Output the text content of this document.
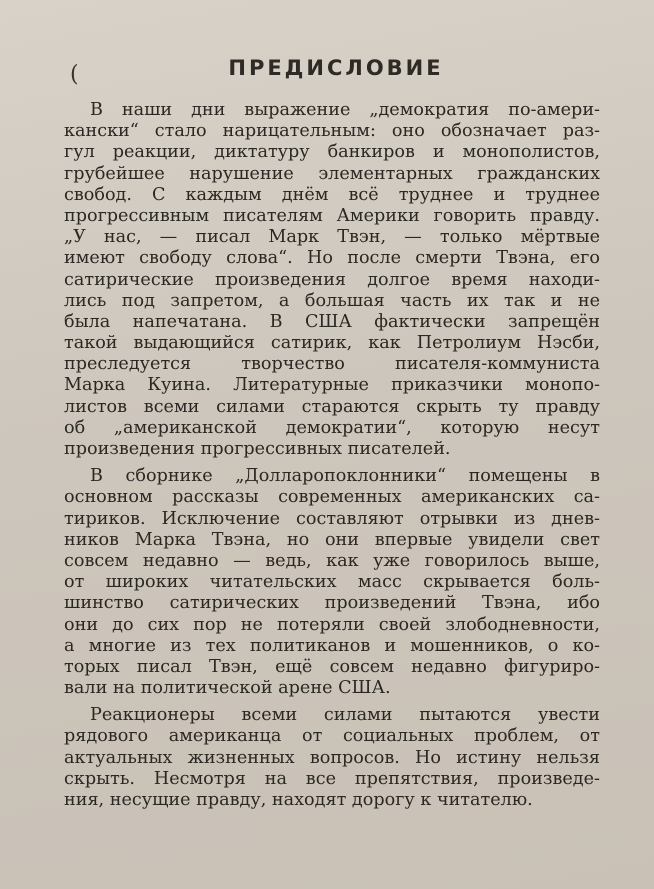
(	ПРЕДИСЛОВИЕ
В наши дни выражение „демократия по-амери-
кански“ стало нарицательным: оно обозначает раз-
гул реакции, диктатуру банкиров и монополистов,
грубейшее нарушение элементарных гражданских
свобод. С каждым днём всё труднее и труднее
прогрессивным писателям Америки говорить правду.
„У нас, — писал Марк Твэн, — только мёртвые
имеют свободу слова“. Но после смерти Твэна, его
сатирические произведения долгое время находи-
лись под запретом, а большая часть их так и не
была напечатана. В США фактически запрещён
такой выдающийся сатирик, как Петролиум Нэсби,
преследуется творчество писателя-коммуниста
Марка Куина. Литературные приказчики монопо-
листов всеми силами стараются скрыть ту правду
об „американской демократии“, которую несут
произведения прогрессивных писателей.
В сборнике „Долларопоклонники“ помещены в
основном рассказы современных американских са-
тириков. Исключение составляют отрывки из днев-
ников Марка Твэна, но они впервые увидели свет
совсем недавно — ведь, как уже говорилось выше,
от широких читательских масс скрывается боль-
шинство сатирических произведений Твэна, ибо
они до сих пор не потеряли своей злободневности,
а многие из тех политиканов и мошенников, о ко-
торых писал Твэн, ещё совсем недавно фигуриро-
вали на политической арене США.
Реакционеры всеми силами пытаются увести
рядового американца от социальных проблем, от
актуальных жизненных вопросов. Но истину нельзя
скрыть. Несмотря на все препятствия, произведе-
ния, несущие правду, находят дорогу к читателю.
